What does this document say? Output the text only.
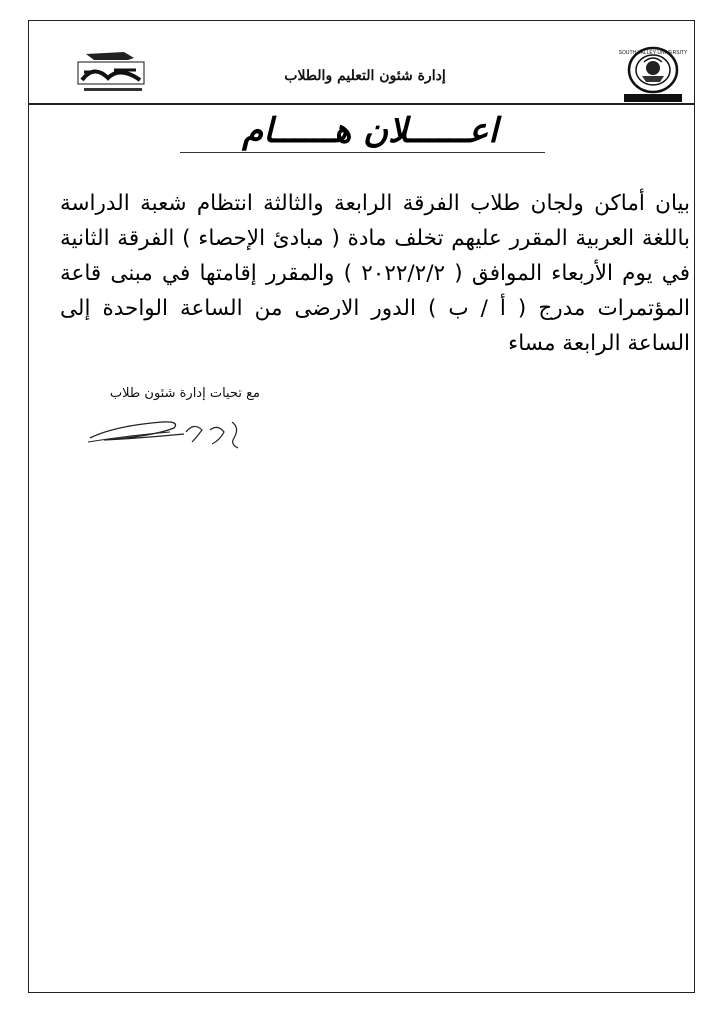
SOUTH VALLEY UNIVERSITY
إدارة شئون التعليم والطلاب
اعــــــلان هــــــام
بيان أماكن ولجان طلاب الفرقة الرابعة والثالثة انتظام شعبة الدراسة باللغة العربية المقرر عليهم تخلف مادة ( مبادئ الإحصاء ) الفرقة الثانية في يوم الأربعاء الموافق ( ٢٠٢٢/٢/٢ ) والمقرر إقامتها في مبنى قاعة المؤتمرات مدرج ( أ / ب ) الدور الارضى من الساعة الواحدة إلى الساعة الرابعة مساء
مع تحيات إدارة شئون طلاب
